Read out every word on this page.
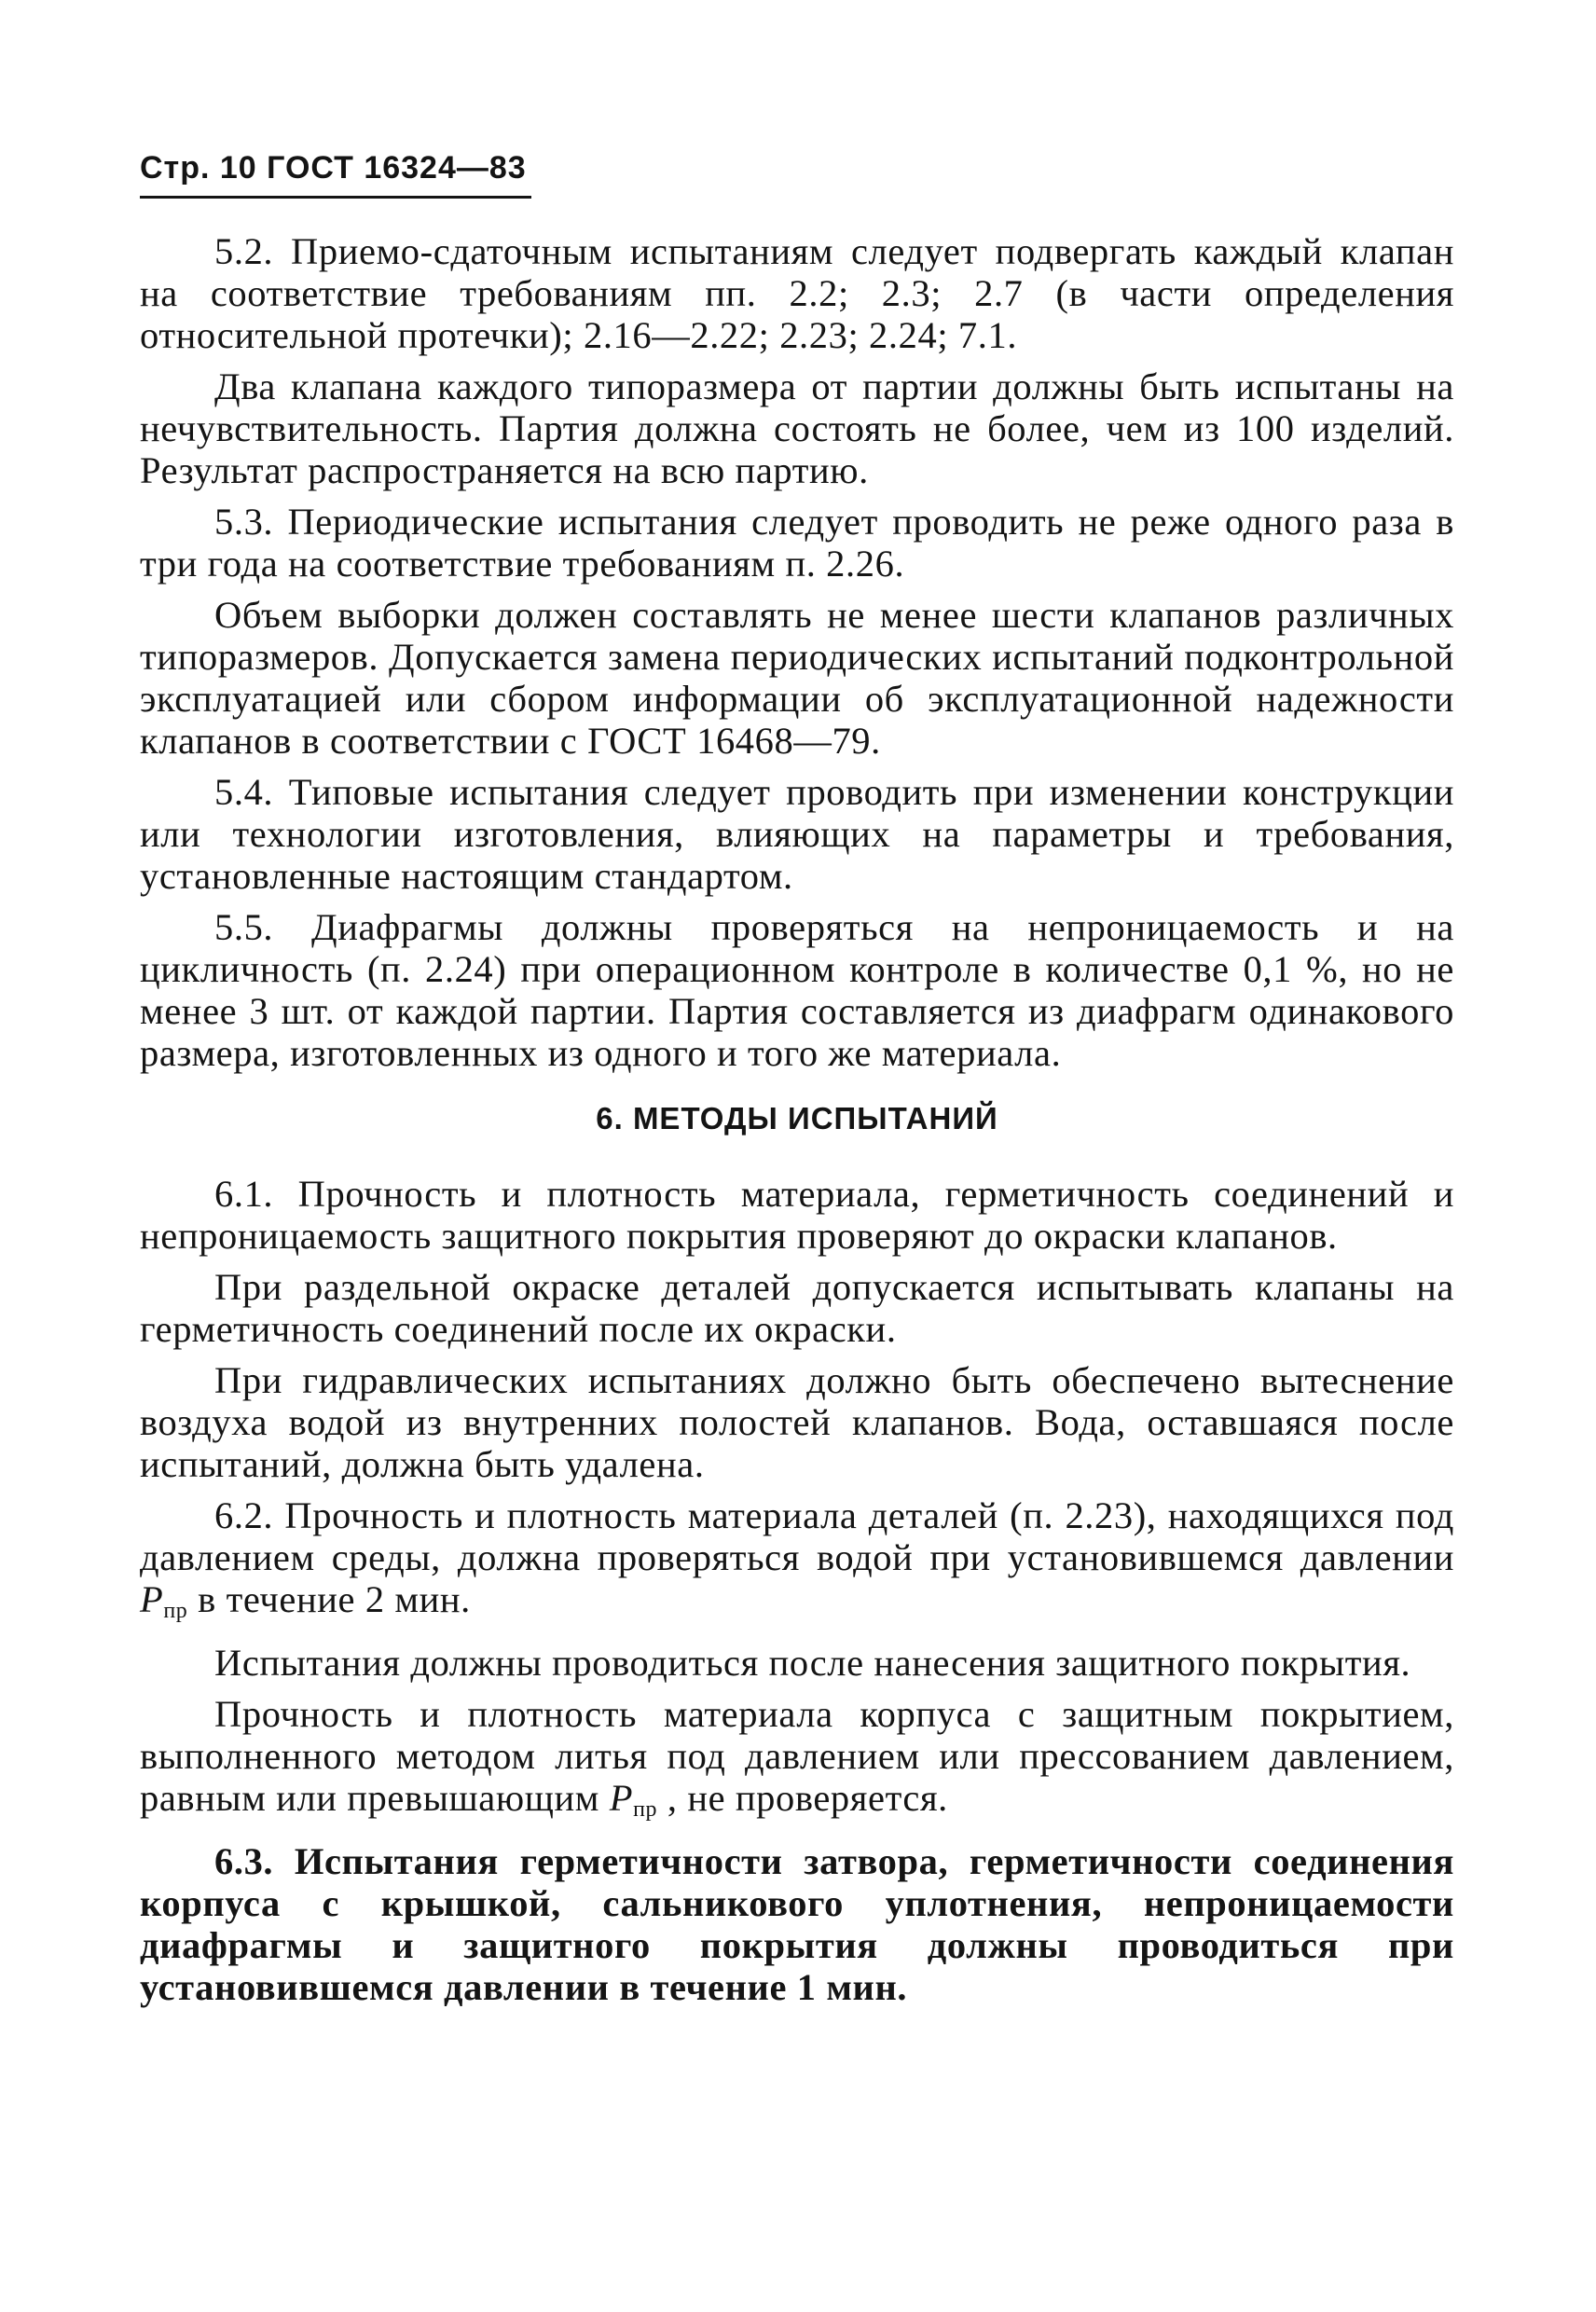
Стр. 10 ГОСТ 16324—83

5.2. Приемо-сдаточным испытаниям следует подвергать каждый клапан на соответствие требованиям пп. 2.2; 2.3; 2.7 (в части определения относительной протечки); 2.16—2.22; 2.23; 2.24; 7.1.

Два клапана каждого типоразмера от партии должны быть испытаны на нечувствительность. Партия должна состоять не более, чем из 100 изделий. Результат распространяется на всю партию.

5.3. Периодические испытания следует проводить не реже одного раза в три года на соответствие требованиям п. 2.26.

Объем выборки должен составлять не менее шести клапанов различных типоразмеров. Допускается замена периодических испытаний подконтрольной эксплуатацией или сбором информации об эксплуатационной надежности клапанов в соответствии с ГОСТ 16468—79.

5.4. Типовые испытания следует проводить при изменении конструкции или технологии изготовления, влияющих на параметры и требования, установленные настоящим стандартом.

5.5. Диафрагмы должны проверяться на непроницаемость и на цикличность (п. 2.24) при операционном контроле в количестве 0,1 %, но не менее 3 шт. от каждой партии. Партия составляется из диафрагм одинакового размера, изготовленных из одного и того же материала.

6. МЕТОДЫ ИСПЫТАНИЙ

6.1. Прочность и плотность материала, герметичность соединений и непроницаемость защитного покрытия проверяют до окраски клапанов.

При раздельной окраске деталей допускается испытывать клапаны на герметичность соединений после их окраски.

При гидравлических испытаниях должно быть обеспечено вытеснение воздуха водой из внутренних полостей клапанов. Вода, оставшаяся после испытаний, должна быть удалена.

6.2. Прочность и плотность материала деталей (п. 2.23), находящихся под давлением среды, должна проверяться водой при установившемся давлении $P_{пр}$ в течение 2 мин.

Испытания должны проводиться после нанесения защитного покрытия.

Прочность и плотность материала корпуса с защитным покрытием, выполненного методом литья под давлением или прессованием давлением, равным или превышающим $P_{пр}$ , не проверяется.

6.3. Испытания герметичности затвора, герметичности соединения корпуса с крышкой, сальникового уплотнения, непроницаемости диафрагмы и защитного покрытия должны проводиться при установившемся давлении в течение 1 мин.
